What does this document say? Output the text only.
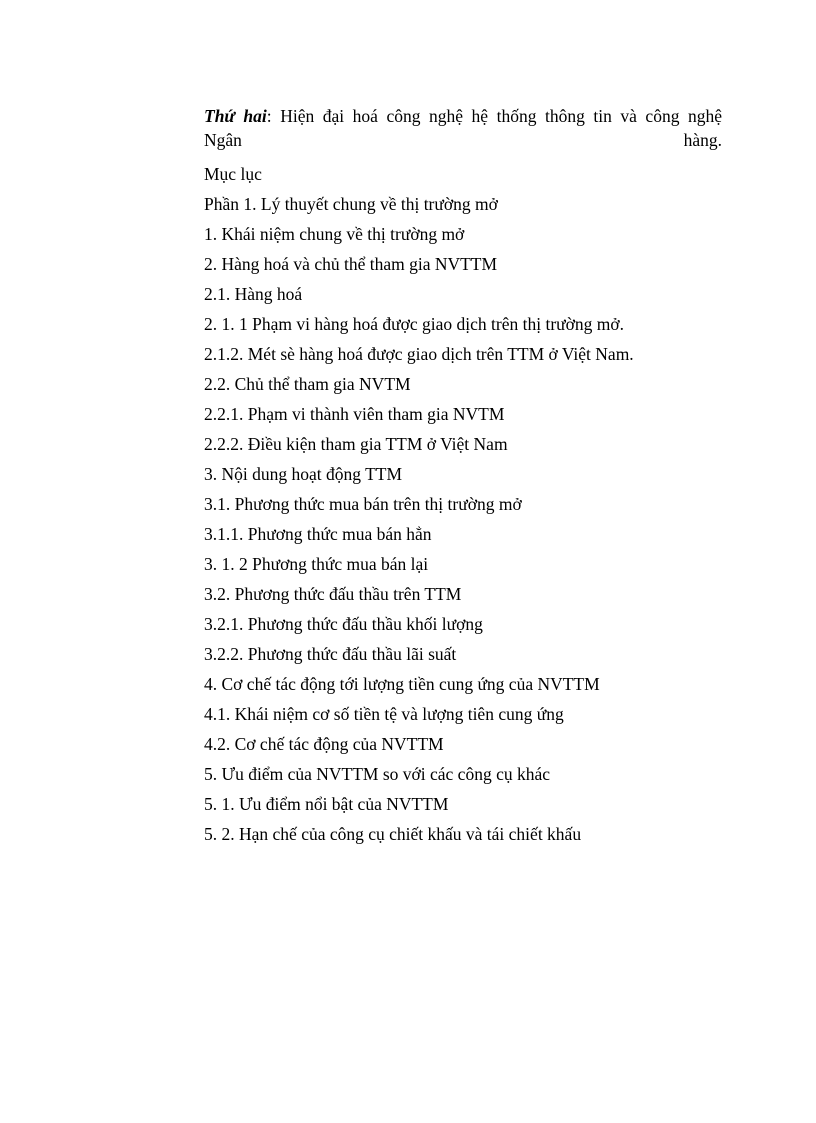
Thứ hai: Hiện đại hoá công nghệ hệ thống thông tin và công nghệ
Ngân	hàng.
Mục lục
Phần 1. Lý thuyết chung về thị trường mở
1. Khái niệm chung về thị trường mở
2. Hàng hoá và chủ thể tham gia NVTTM
2.1. Hàng hoá
2. 1. 1 Phạm vi hàng hoá được giao dịch trên thị trường mở.
2.1.2. Mét sè hàng hoá được giao dịch trên TTM ở Việt Nam.
2.2. Chủ thể tham gia NVTM
2.2.1. Phạm vi thành viên tham gia NVTM
2.2.2. Điều kiện tham gia TTM ở Việt Nam
3. Nội dung hoạt động TTM
3.1. Phương thức mua bán trên thị trường mở
3.1.1. Phương thức mua bán hẳn
3. 1. 2 Phương thức mua bán lại
3.2. Phương thức đấu thầu trên TTM
3.2.1. Phương thức đấu thầu khối lượng
3.2.2. Phương thức đấu thầu lãi suất
4. Cơ chế tác động tới lượng tiền cung ứng của NVTTM
4.1. Khái niệm cơ số tiền tệ và lượng tiên cung ứng
4.2. Cơ chế tác động của NVTTM
5. Ưu điểm của NVTTM so với các công cụ khác
5. 1. Ưu điểm nổi bật của NVTTM
5. 2. Hạn chế của công cụ chiết khấu và tái chiết khấu
